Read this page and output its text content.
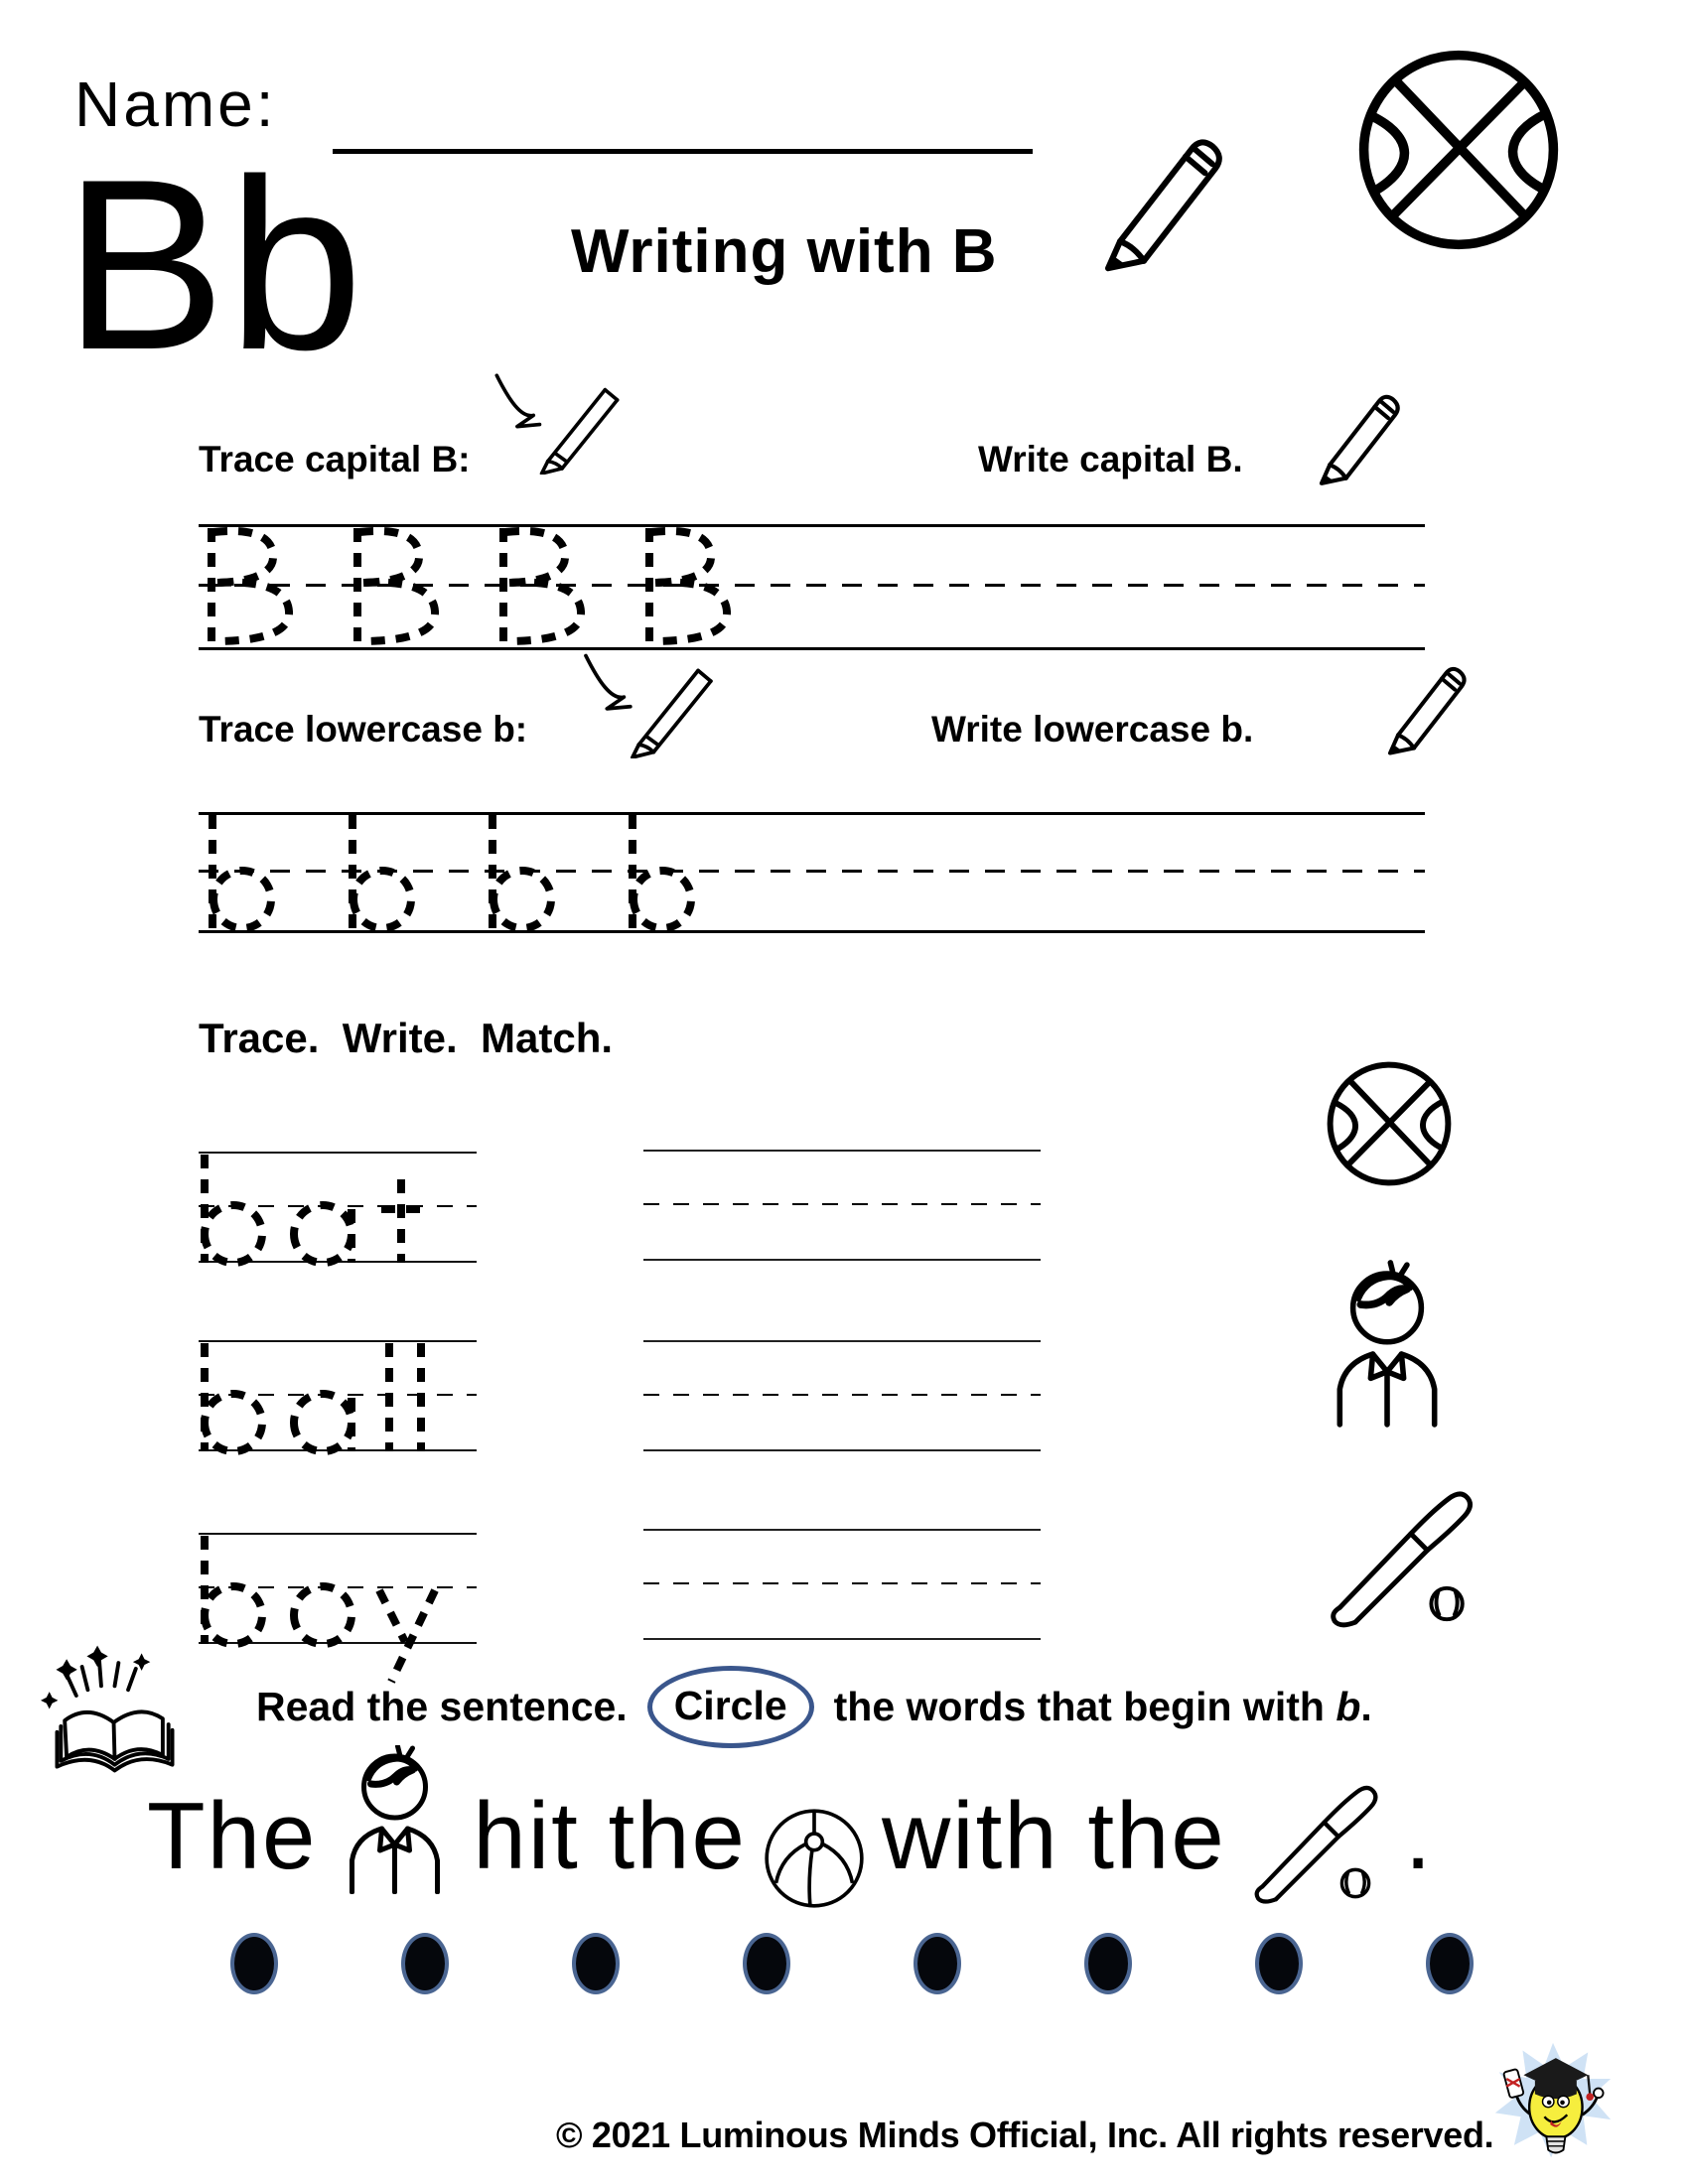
Name:
Bb	Writing with B
Trace capital B:	Write capital B.
Trace lowercase b:	Write lowercase b.
Trace.  Write.  Match.
Read the sentence.	Circle	the words that begin with b.
The hit the with the .
© 2021 Luminous Minds Official, Inc. All rights reserved.
